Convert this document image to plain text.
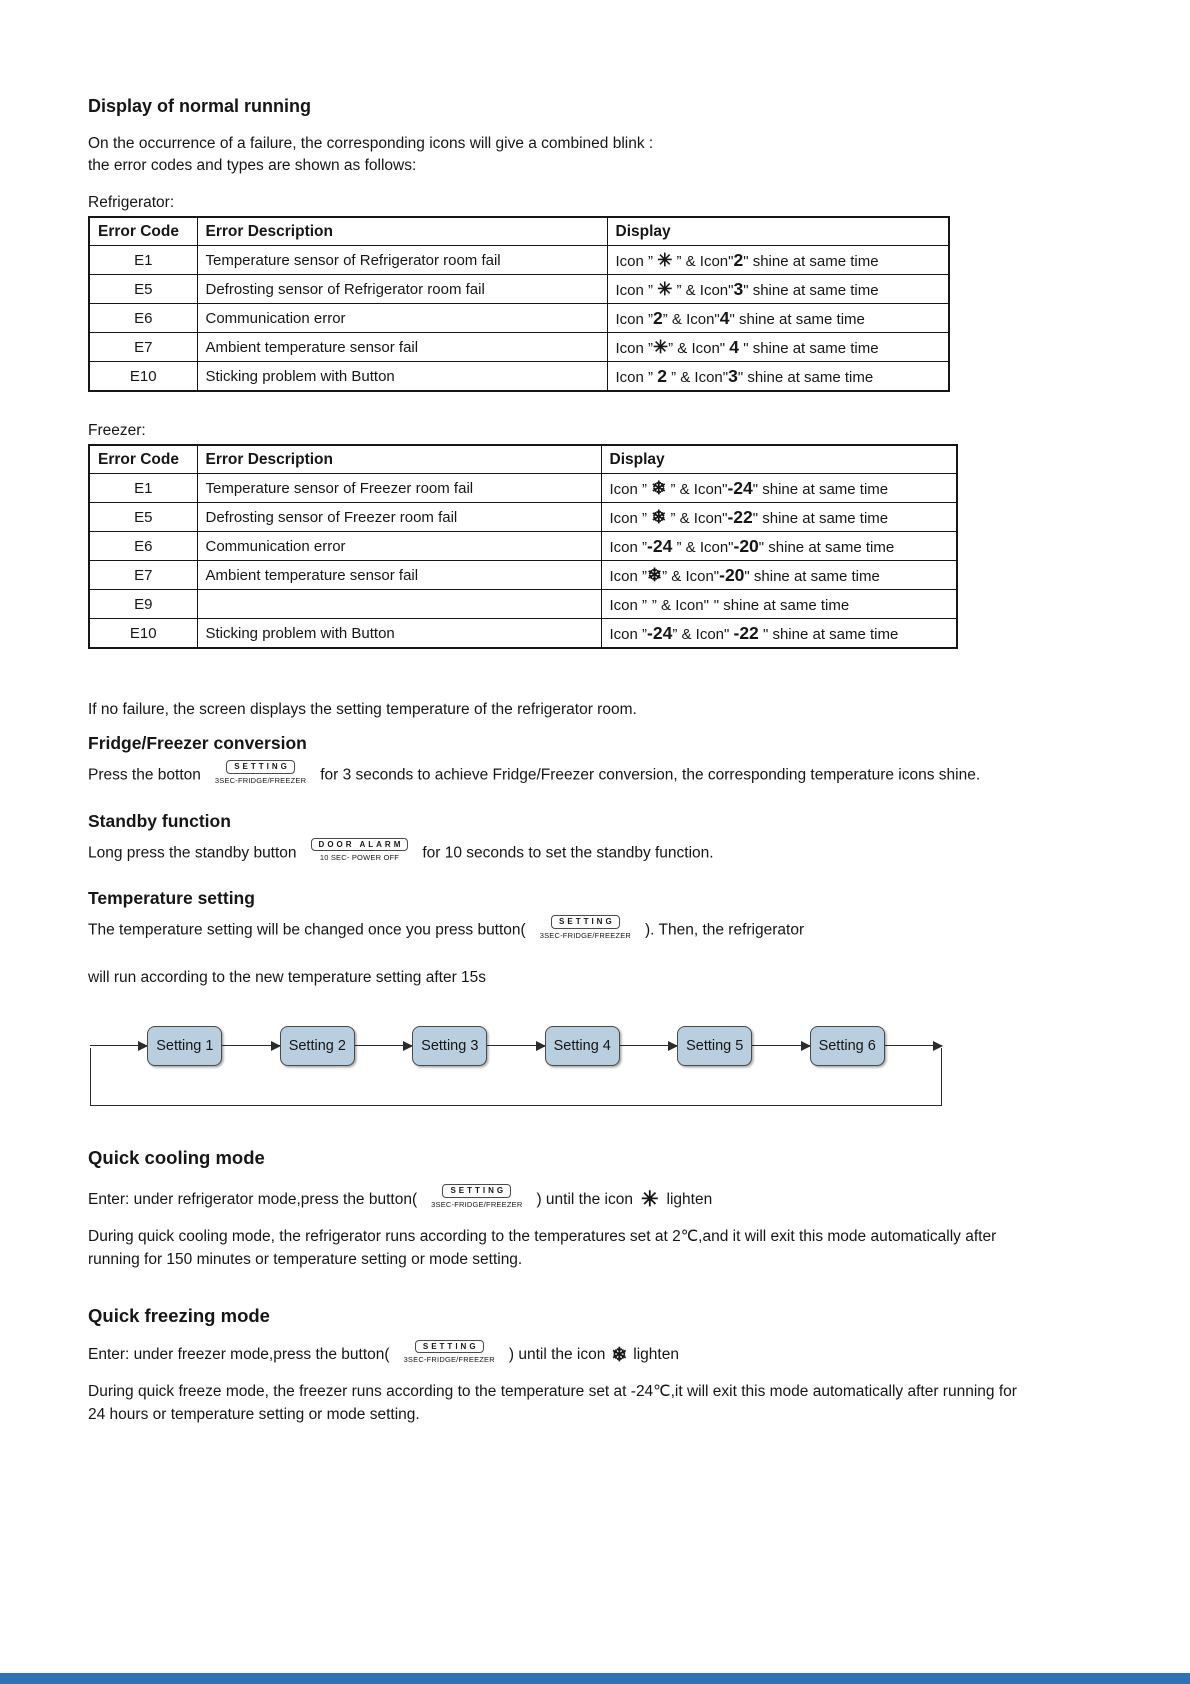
Display of normal running

On the occurrence of a failure, the corresponding icons will give a combined blink :

the error codes and types are shown as follows:

Refrigerator:
Error Code	Error Description	Display
E1	Temperature sensor of Refrigerator room fail	Icon ” ✳ ” & Icon"2" shine at same time
E5	Defrosting sensor of Refrigerator room fail	Icon ” ✳ ” & Icon"3" shine at same time
E6	Communication error	Icon ”2” & Icon"4" shine at same time
E7	Ambient temperature sensor fail	Icon ”✳” & Icon" 4 " shine at same time
E10	Sticking problem with Button	Icon ” 2 ” & Icon"3" shine at same time
Freezer:
Error Code	Error Description	Display
E1	Temperature sensor of Freezer room fail	Icon ” ❄ ” & Icon"-24" shine at same time
E5	Defrosting sensor of Freezer room fail	Icon ” ❄ ” & Icon"-22" shine at same time
E6	Communication error	Icon ”-24 ” & Icon"-20" shine at same time
E7	Ambient temperature sensor fail	Icon ”❄” & Icon"-20" shine at same time
E9		Icon ” ” & Icon" " shine at same time
E10	Sticking problem with Button	Icon ”-24” & Icon" -22 " shine at same time

If no failure, the screen displays the setting temperature of the refrigerator room.

Fridge/Freezer conversion

Press the botton	SETTING
3SEC-FRIDGE/FREEZER for 3 seconds to achieve Fridge/Freezer conversion, the corresponding temperature icons shine.

Standby function

Long press the standby button	DOOR ALARM
10 SEC- POWER OFF for 10 seconds to set the standby function.

Temperature setting

The temperature setting will be changed once you press button(	SETTING
3SEC-FRIDGE/FREEZER ). Then, the refrigerator

will run according to the new temperature setting after 15s

Setting 1	Setting 2	Setting 3	Setting 4	Setting 5	Setting 6
Quick cooling mode

Enter: under refrigerator mode,press the button(	SETTING
3SEC-FRIDGE/FREEZER ) until the icon ✳ lighten

During quick cooling mode, the refrigerator runs according to the temperatures set at 2℃,and it will exit this mode automatically after running for 150 minutes or temperature setting or mode setting.

Quick freezing mode

Enter: under freezer mode,press the button(	SETTING
3SEC-FRIDGE/FREEZER ) until the icon ❄ lighten

During quick freeze mode, the freezer runs according to the temperature set at -24℃,it will exit this mode automatically after running for 24 hours or temperature setting or mode setting.
